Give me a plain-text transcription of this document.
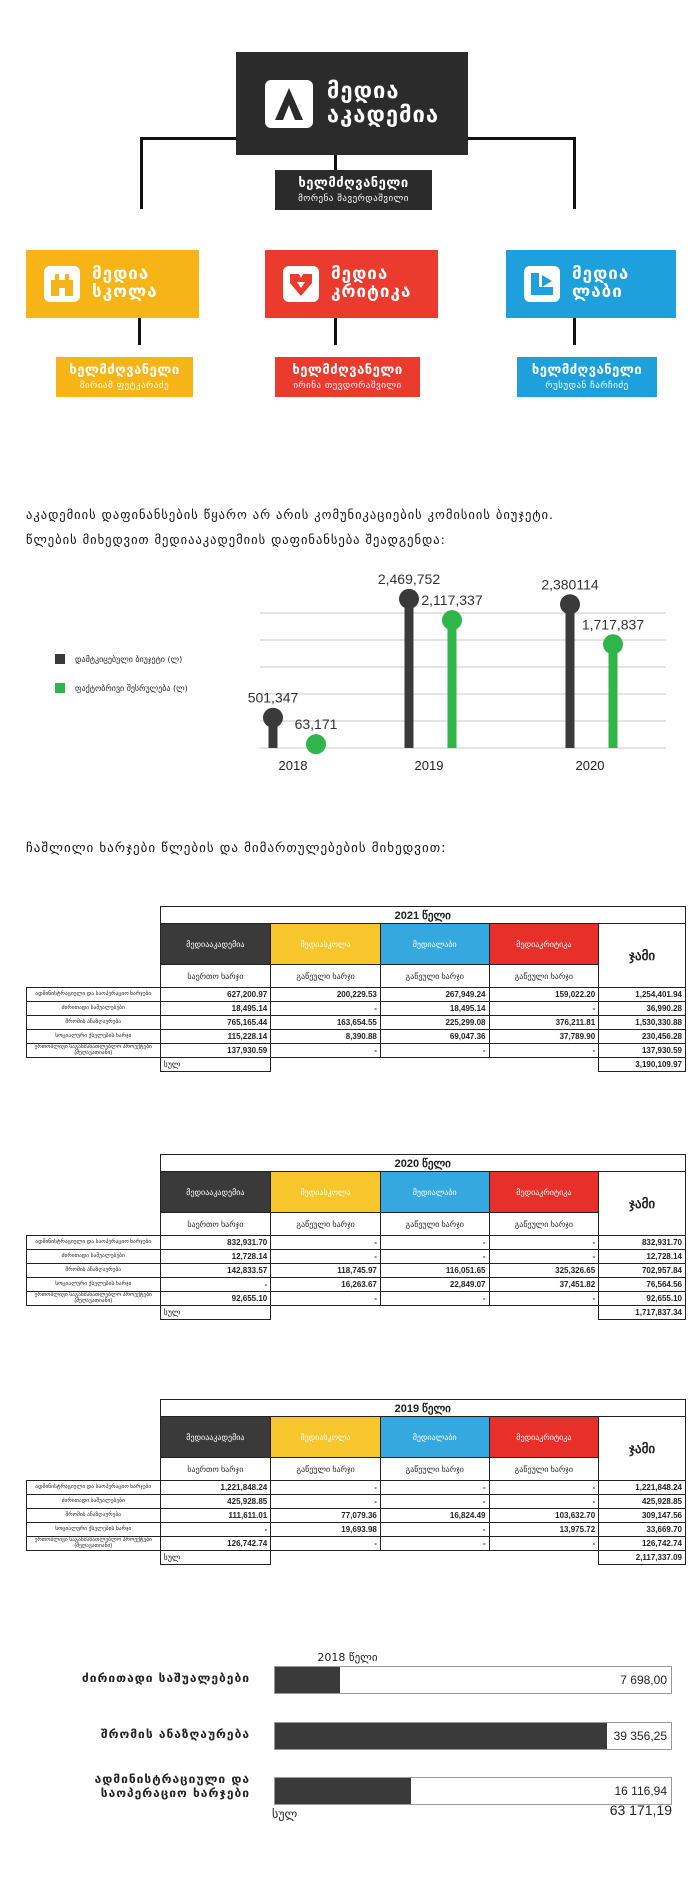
მედია
აკადემია
ხელმძღვანელი
მორენა შავერდაშვილი
მედია
სკოლა
მედია
კრიტიკა
მედია
ლაბი
ხელმძღვანელი
მირიამ ფეტკარაძე
ხელმძღვანელი
ირინა თევდორაშვილი
ხელმძღვანელი
რუსუდან ჩარჩიძე
აკადემიის დაფინანსების წყარო არ არის კომუნიკაციების კომისიის ბიუჯეტი.
წლების მიხედვით მედიააკადემიის დაფინანსება შეადგენდა:
დამტკიცებული ბიუჯეტი (ლ)
ფაქტობრივი შესრულება (ლ)
501,347
63,171
2018
2,469,752
2,117,337
2019
2,380114
1,717,837
2020
ჩაშლილი ხარჯები წლების და მიმართულებების მიხედვით:
	2021 წელი				
	მედიააკადემია	მედიასკოლა	მედიალაბი	მედიაკრიტიკა	ჯამი
	საერთო ხარჯი	გაწეული ხარჯი	გაწეული ხარჯი	გაწეული ხარჯი	
ადმინისტრაციული და საოპერაციო ხარჯები	627,200.97	200,229.53	267,949.24	159,022.20	1,254,401.94
ძირითადი საშუალებები	18,495.14	-	18,495.14	-	36,990.28
შრომის ანაზღაურება	765,165.44	163,654.55	225,299.08	376,211.81	1,530,330.88
სოციალური ქსელების ხარჯი	115,228.14	8,390.88	69,047.36	37,789.90	230,456.28
ერთობლივი საგანმანათლებლო პროექტები (შეღავათიანი)	137,930.59	-	-	-	137,930.59
	სულ				3,190,109.97
	2020 წელი				
	მედიააკადემია	მედიასკოლა	მედიალაბი	მედიაკრიტიკა	ჯამი
	საერთო ხარჯი	გაწეული ხარჯი	გაწეული ხარჯი	გაწეული ხარჯი	
ადმინისტრაციული და საოპერაციო ხარჯები	832,931.70	-	-	-	832,931.70
ძირითადი საშუალებები	12,728.14	-	-	-	12,728.14
შრომის ანაზღაურება	142,833.57	118,745.97	116,051.65	325,326.65	702,957.84
სოციალური ქსელების ხარჯი	-	16,263.67	22,849.07	37,451.82	76,564.56
ერთობლივი საგანმანათლებლო პროექტები (შეღავათიანი)	92,655.10	-	-	-	92,655.10
	სულ				1,717,837.34
	2019 წელი				
	მედიააკადემია	მედიასკოლა	მედიალაბი	მედიაკრიტიკა	ჯამი
	საერთო ხარჯი	გაწეული ხარჯი	გაწეული ხარჯი	გაწეული ხარჯი	
ადმინისტრაციული და საოპერაციო ხარჯები	1,221,848.24	-	-	-	1,221,848.24
ძირითადი საშუალებები	425,928.85	-	-	-	425,928.85
შრომის ანაზღაურება	111,611.01	77,079.36	16,824.49	103,632.70	309,147.56
სოციალური ქსელების ხარჯი	-	19,693.98	-	13,975.72	33,669.70
ერთობლივი საგანმანათლებლო პროექტები (შეღავათიანი)	126,742.74	-	-	-	126,742.74
	სულ				2,117,337.09
2018 წელი
ძირითადი საშუალებები	7 698,00
შრომის ანაზღაურება	39 356,25
ადმინისტრაციული და საოპერაციო ხარჯები	16 116,94
სულ	63 171,19
